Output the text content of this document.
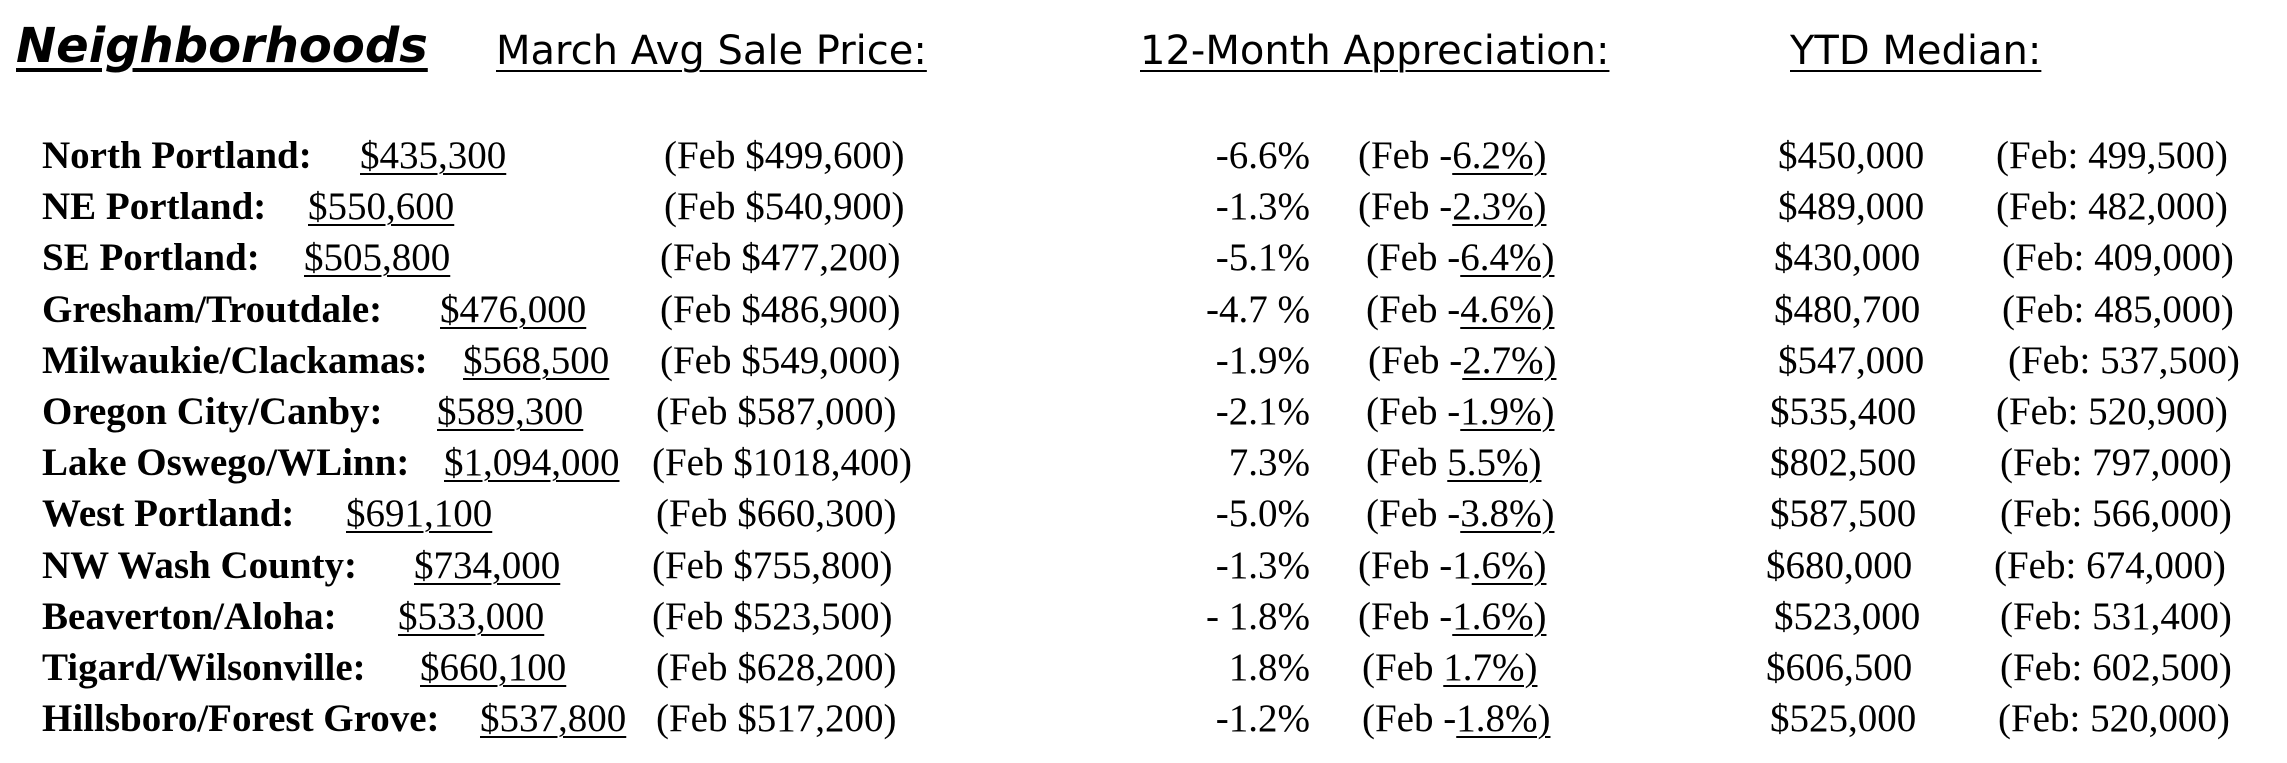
Neighborhoods March Avg Sale Price:	12-Month Appreciation:	YTD Median:
North Portland: $435,300	(Feb $499,600)	-6.6% (Feb -6.2%)	$450,000 (Feb: 499,500)
NE Portland: $550,600	(Feb $540,900)	-1.3% (Feb -2.3%)	$489,000 (Feb: 482,000)
SE Portland: $505,800	(Feb $477,200)	-5.1% (Feb -6.4%)	$430,000 (Feb: 409,000)
Gresham/Troutdale: $476,000	(Feb $486,900)	-4.7 % (Feb -4.6%)	$480,700 (Feb: 485,000)
Milwaukie/Clackamas: $568,500	(Feb $549,000)	-1.9% (Feb -2.7%)	$547,000 (Feb: 537,500)
Oregon City/Canby: $589,300 (Feb $587,000)	-2.1% (Feb -1.9%)	$535,400 (Feb: 520,900)
Lake Oswego/WLinn: $1,094,000 (Feb $1018,400)	7.3% (Feb 5.5%)	$802,500 (Feb: 797,000)
West Portland: $691,100	(Feb $660,300)	-5.0% (Feb -3.8%)	$587,500 (Feb: 566,000)
NW Wash County: $734,000 (Feb $755,800)	-1.3% (Feb -1.6%)	$680,000 (Feb: 674,000)
Beaverton/Aloha: $533,000	(Feb $523,500)	- 1.8% (Feb -1.6%)	$523,000 (Feb: 531,400)
Tigard/Wilsonville: $660,100 (Feb $628,200)	1.8% (Feb 1.7%)	$606,500 (Feb: 602,500)
Hillsboro/Forest Grove: $537,800 (Feb $517,200)	-1.2% (Feb -1.8%)	$525,000 (Feb: 520,000)
